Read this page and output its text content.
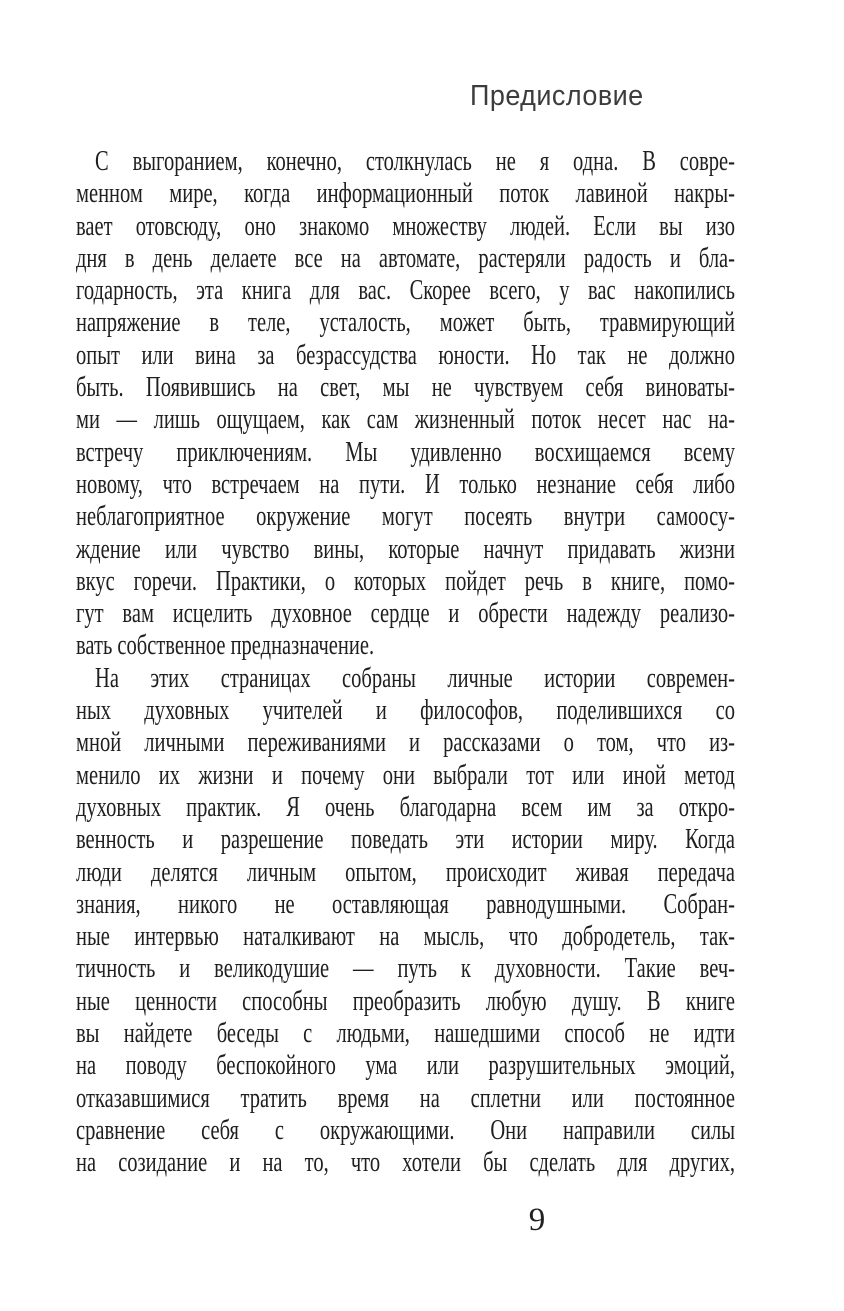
Предисловие
С выгоранием, конечно, столкнулась не я одна. В совре-
менном мире, когда информационный поток лавиной накры-
вает отовсюду, оно знакомо множеству людей. Если вы изо
дня в день делаете все на автомате, растеряли радость и бла-
годарность, эта книга для вас. Скорее всего, у вас накопились
напряжение в теле, усталость, может быть, травмирующий
опыт или вина за безрассудства юности. Но так не должно
быть. Появившись на свет, мы не чувствуем себя виноваты-
ми — лишь ощущаем, как сам жизненный поток несет нас на-
встречу приключениям. Мы удивленно восхищаемся всему
новому, что встречаем на пути. И только незнание себя либо
неблагоприятное окружение могут посеять внутри самоосу-
ждение или чувство вины, которые начнут придавать жизни
вкус горечи. Практики, о которых пойдет речь в книге, помо-
гут вам исцелить духовное сердце и обрести надежду реализо-
вать собственное предназначение.
На этих страницах собраны личные истории современ-
ных духовных учителей и философов, поделившихся со
мной личными переживаниями и рассказами о том, что из-
менило их жизни и почему они выбрали тот или иной метод
духовных практик. Я очень благодарна всем им за откро-
венность и разрешение поведать эти истории миру. Когда
люди делятся личным опытом, происходит живая передача
знания, никого не оставляющая равнодушными. Собран-
ные интервью наталкивают на мысль, что добродетель, так-
тичность и великодушие — путь к духовности. Такие веч-
ные ценности способны преобразить любую душу. В книге
вы найдете беседы с людьми, нашедшими способ не идти
на поводу беспокойного ума или разрушительных эмоций,
отказавшимися тратить время на сплетни или постоянное
сравнение себя с окружающими. Они направили силы
на созидание и на то, что хотели бы сделать для других,
9
